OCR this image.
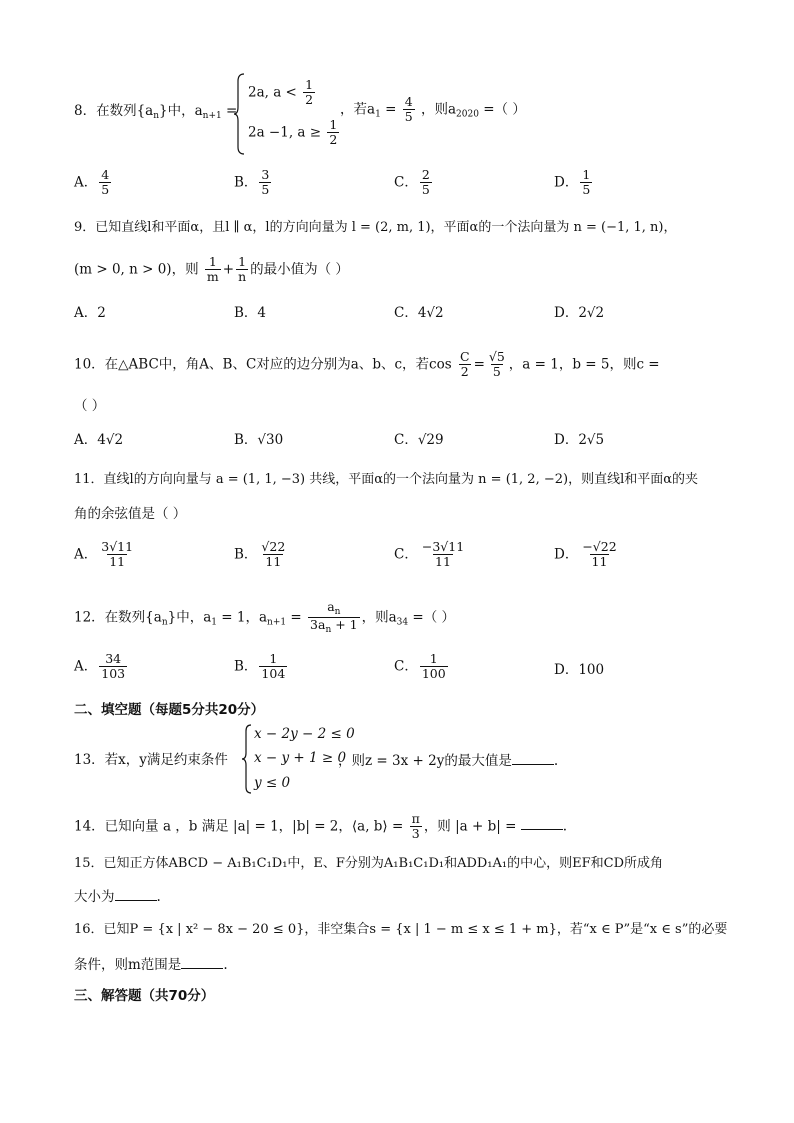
2a, $a < \frac{1}{2}$
2a −1, $a \ge \frac{1}{2}$
8．在数列$\{a_n\}$中，$a_{n+1}$ =	，若$a_1 = \frac{4}{5}$ ，则$a_{2020}$ =（ ）
A． $\frac{4}{5}$	B． $\frac{3}{5}$	C． $\frac{2}{5}$	D． $\frac{1}{5}$
9．已知直线l和平面α，且l ∥ α，l的方向向量为 l = (2, m, 1)，平面α的一个法向量为 n = (−1, 1, n)，
(m > 0, n > 0)，则 $\frac{1}{m} + \frac{1}{n}$ 的最小值为（ ）
A．2	B．4	C．4√2	D．2√2
10．在△ABC中，角A、B、C对应的边分别为a、b、c，若$\cos \frac{C}{2} = \frac{√5}{5}$ ，a = 1，b = 5，则c =
（ ）
A．4√2	B．√30	C．√29	D．2√5
11．直线l的方向向量与 a = (1, 1, −3) 共线，平面α的一个法向量为 n = (1, 2, −2)，则直线l和平面α的夹
角的余弦值是（ ）
A． $\frac{3√11}{11}$	B． $\frac{√22}{11}$	C． $\frac{-3√11}{11}$	D． $\frac{-√22}{11}$
12．在数列$\{a_n\}$中，$a_1 = 1$，$a_{n+1} = \frac{a_n}{3a_n + 1}$ ，则$a_{34}$ =（ ）
A． $\frac{34}{103}$	B． $\frac{1}{104}$	C． $\frac{1}{100}$	D．100
二、填空题（每题5分共20分）
13．若x，y满足约束条件
x − 2y − 2 ≤ 0
x − y + 1 ≥ 0
y ≤ 0
，则z = 3x + 2y的最大值是	.
14．已知向量 a ，b 满足 |a| = 1，|b| = 2，⟨a, b⟩ = $\frac{\pi}{3}$ ，则 |a + b| =	.
15．已知正方体ABCD − A₁B₁C₁D₁中，E、F分别为A₁B₁C₁D₁和ADD₁A₁的中心，则EF和CD所成角
大小为	.
16．已知P = {x | x² − 8x − 20 ≤ 0}，非空集合s = {x | 1 − m ≤ x ≤ 1 + m}，若“x ∈ P”是“x ∈ s”的必要
条件，则m范围是	.
三、解答题（共70分）
